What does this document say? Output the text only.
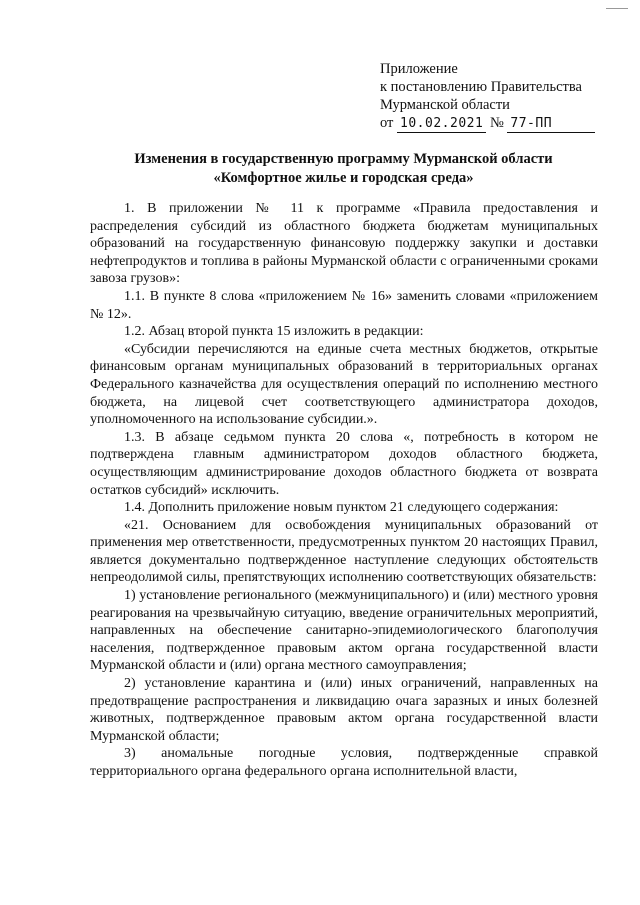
Приложение
к постановлению Правительства
Мурманской области
от 10.02.2021 № 77-ПП
Изменения в государственную программу Мурманской области
«Комфортное жилье и городская среда»

1. В приложении № 11 к программе «Правила предоставления и распределения субсидий из областного бюджета бюджетам муниципальных образований на государственную финансовую поддержку закупки и доставки нефтепродуктов и топлива в районы Мурманской области с ограниченными сроками завоза грузов»:

1.1. В пункте 8 слова «приложением № 16» заменить словами «приложением № 12».

1.2. Абзац второй пункта 15 изложить в редакции:

«Субсидии перечисляются на единые счета местных бюджетов, открытые финансовым органам муниципальных образований в территориальных органах Федерального казначейства для осуществления операций по исполнению местного бюджета, на лицевой счет соответствующего администратора доходов, уполномоченного на использование субсидии.».

1.3. В абзаце седьмом пункта 20 слова «, потребность в котором не подтверждена главным администратором доходов областного бюджета, осуществляющим администрирование доходов областного бюджета от возврата остатков субсидий» исключить.

1.4. Дополнить приложение новым пунктом 21 следующего содержания:

«21. Основанием для освобождения муниципальных образований от применения мер ответственности, предусмотренных пунктом 20 настоящих Правил, является документально подтвержденное наступление следующих обстоятельств непреодолимой силы, препятствующих исполнению соответствующих обязательств:

1) установление регионального (межмуниципального) и (или) местного уровня реагирования на чрезвычайную ситуацию, введение ограничительных мероприятий, направленных на обеспечение санитарно-эпидемиологического благополучия населения, подтвержденное правовым актом органа государственной власти Мурманской области и (или) органа местного самоуправления;

2) установление карантина и (или) иных ограничений, направленных на предотвращение распространения и ликвидацию очага заразных и иных болезней животных, подтвержденное правовым актом органа государственной власти Мурманской области;

3) аномальные погодные условия, подтвержденные справкой территориального органа федерального органа исполнительной власти,
